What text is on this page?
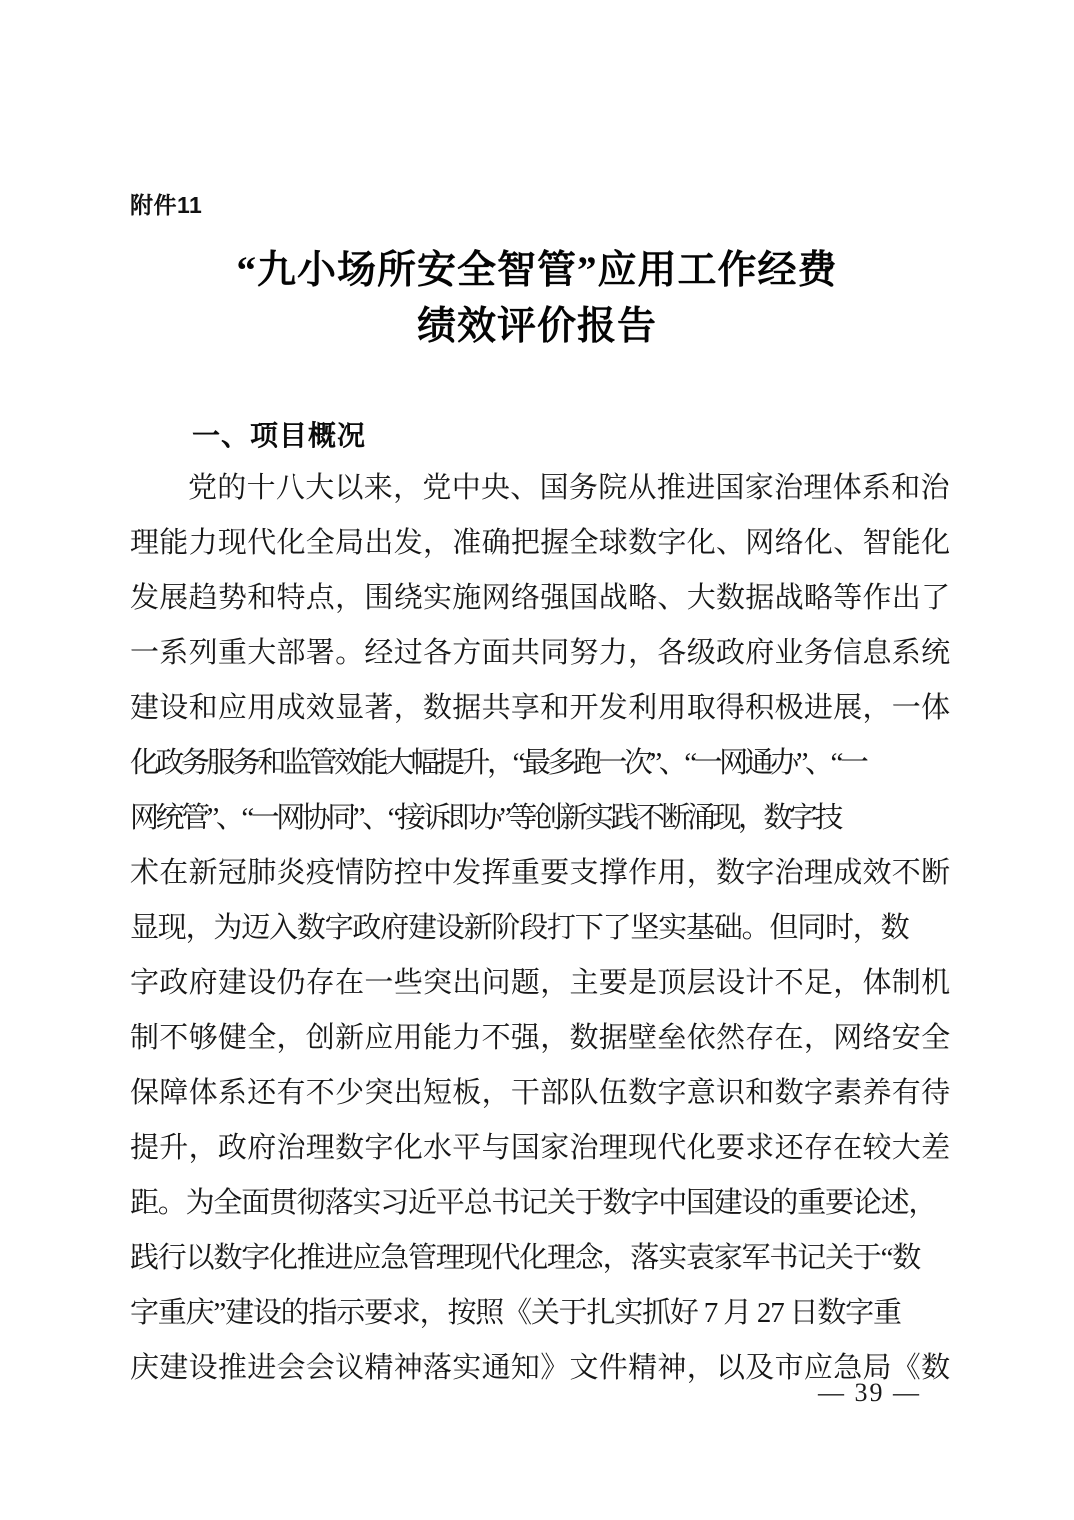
附件11
“九小场所安全智管”应用工作经费
绩效评价报告
一、项目概况
党的十八大以来，党中央、国务院从推进国家治理体系和治
理能力现代化全局出发，准确把握全球数字化、网络化、智能化
发展趋势和特点，围绕实施网络强国战略、大数据战略等作出了
一系列重大部署。经过各方面共同努力，各级政府业务信息系统
建设和应用成效显著，数据共享和开发利用取得积极进展，一体
化政务服务和监管效能大幅提升，“最多跑一次”、“一网通办”、“一
网统管”、“一网协同”、“接诉即办”等创新实践不断涌现，数字技
术在新冠肺炎疫情防控中发挥重要支撑作用，数字治理成效不断
显现，为迈入数字政府建设新阶段打下了坚实基础。但同时，数
字政府建设仍存在一些突出问题，主要是顶层设计不足，体制机
制不够健全，创新应用能力不强，数据壁垒依然存在，网络安全
保障体系还有不少突出短板，干部队伍数字意识和数字素养有待
提升，政府治理数字化水平与国家治理现代化要求还存在较大差
距。为全面贯彻落实习近平总书记关于数字中国建设的重要论述，
践行以数字化推进应急管理现代化理念，落实袁家军书记关于“数
字重庆”建设的指示要求，按照《关于扎实抓好 7 月 27 日数字重
庆建设推进会会议精神落实通知》文件精神，以及市应急局《数
— 39 —
